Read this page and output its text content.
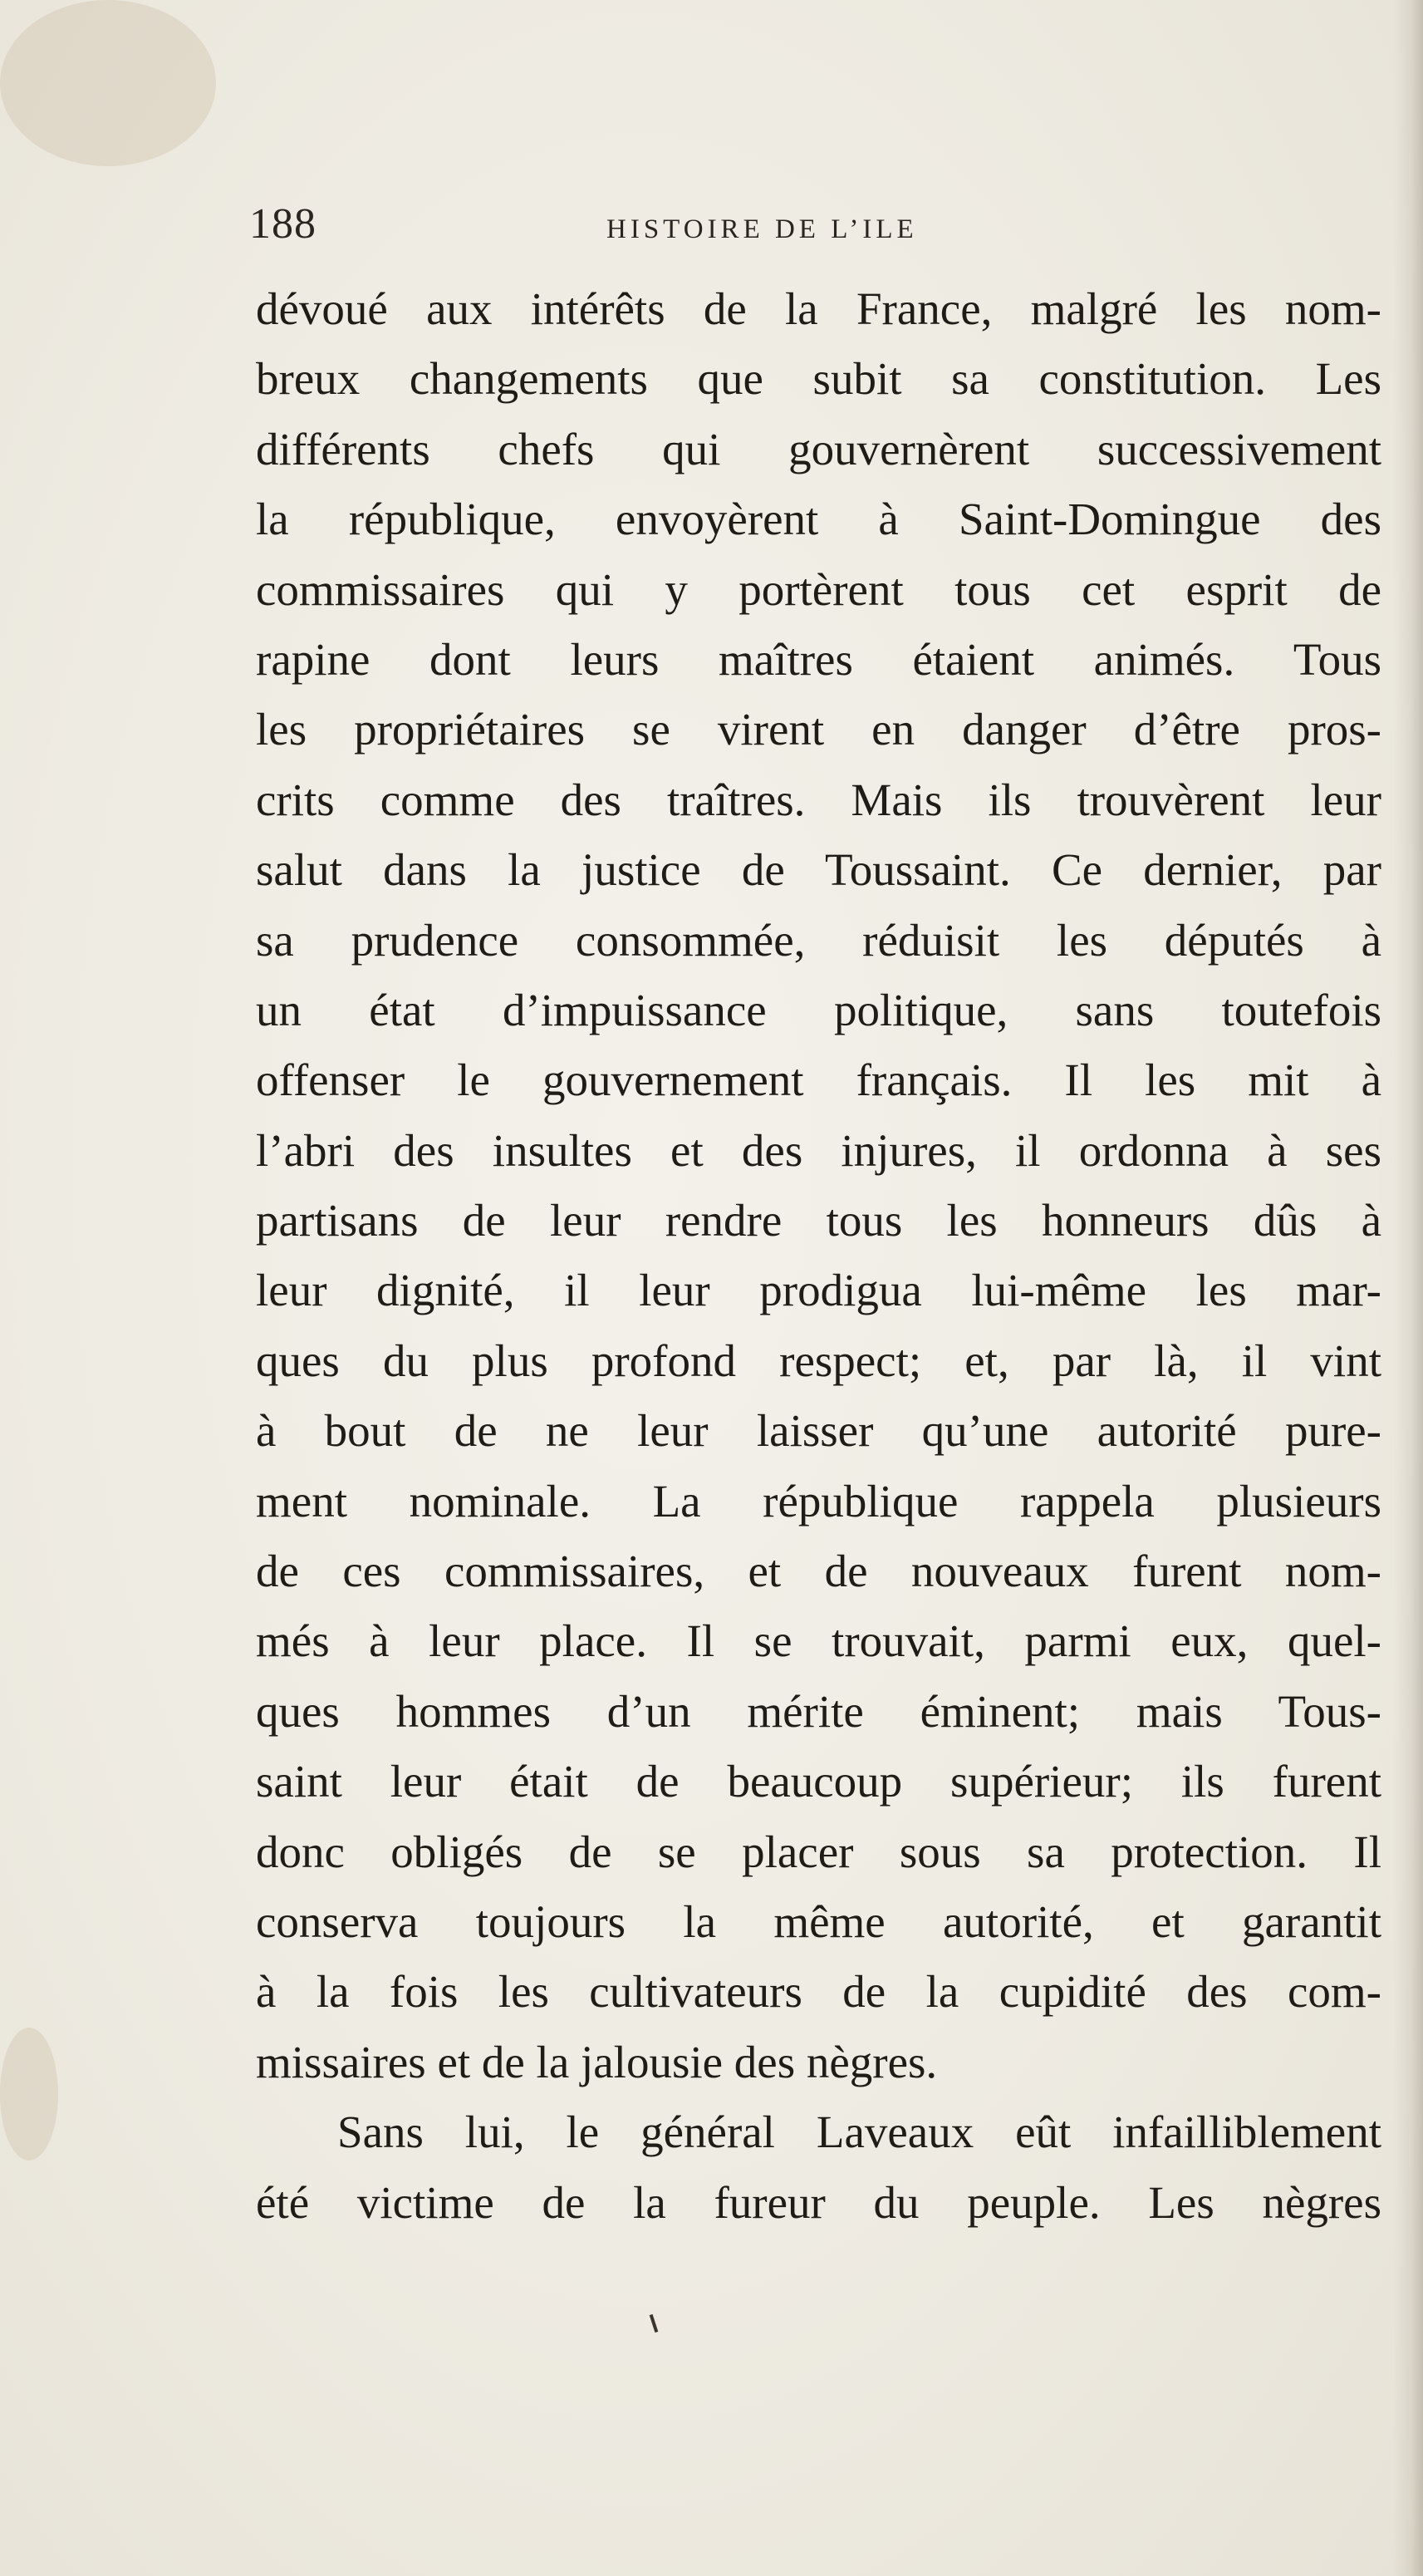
188	HISTOIRE DE L’ILE
dévoué aux intérêts de la France, malgré les nom-
breux changements que subit sa constitution. Les
différents chefs qui gouvernèrent successivement
la république, envoyèrent à Saint-Domingue des
commissaires qui y portèrent tous cet esprit de
rapine dont leurs maîtres étaient animés. Tous
les propriétaires se virent en danger d’être pros-
crits comme des traîtres. Mais ils trouvèrent leur
salut dans la justice de Toussaint. Ce dernier, par
sa prudence consommée, réduisit les députés à
un état d’impuissance politique, sans toutefois
offenser le gouvernement français. Il les mit à
l’abri des insultes et des injures, il ordonna à ses
partisans de leur rendre tous les honneurs dûs à
leur dignité, il leur prodigua lui-même les mar-
ques du plus profond respect; et, par là, il vint
à bout de ne leur laisser qu’une autorité pure-
ment nominale. La république rappela plusieurs
de ces commissaires, et de nouveaux furent nom-
més à leur place. Il se trouvait, parmi eux, quel-
ques hommes d’un mérite éminent; mais Tous-
saint leur était de beaucoup supérieur; ils furent
donc obligés de se placer sous sa protection. Il
conserva toujours la même autorité, et garantit
à la fois les cultivateurs de la cupidité des com-
missaires et de la jalousie des nègres.
Sans lui, le général Laveaux eût infailliblement
été victime de la fureur du peuple. Les nègres
